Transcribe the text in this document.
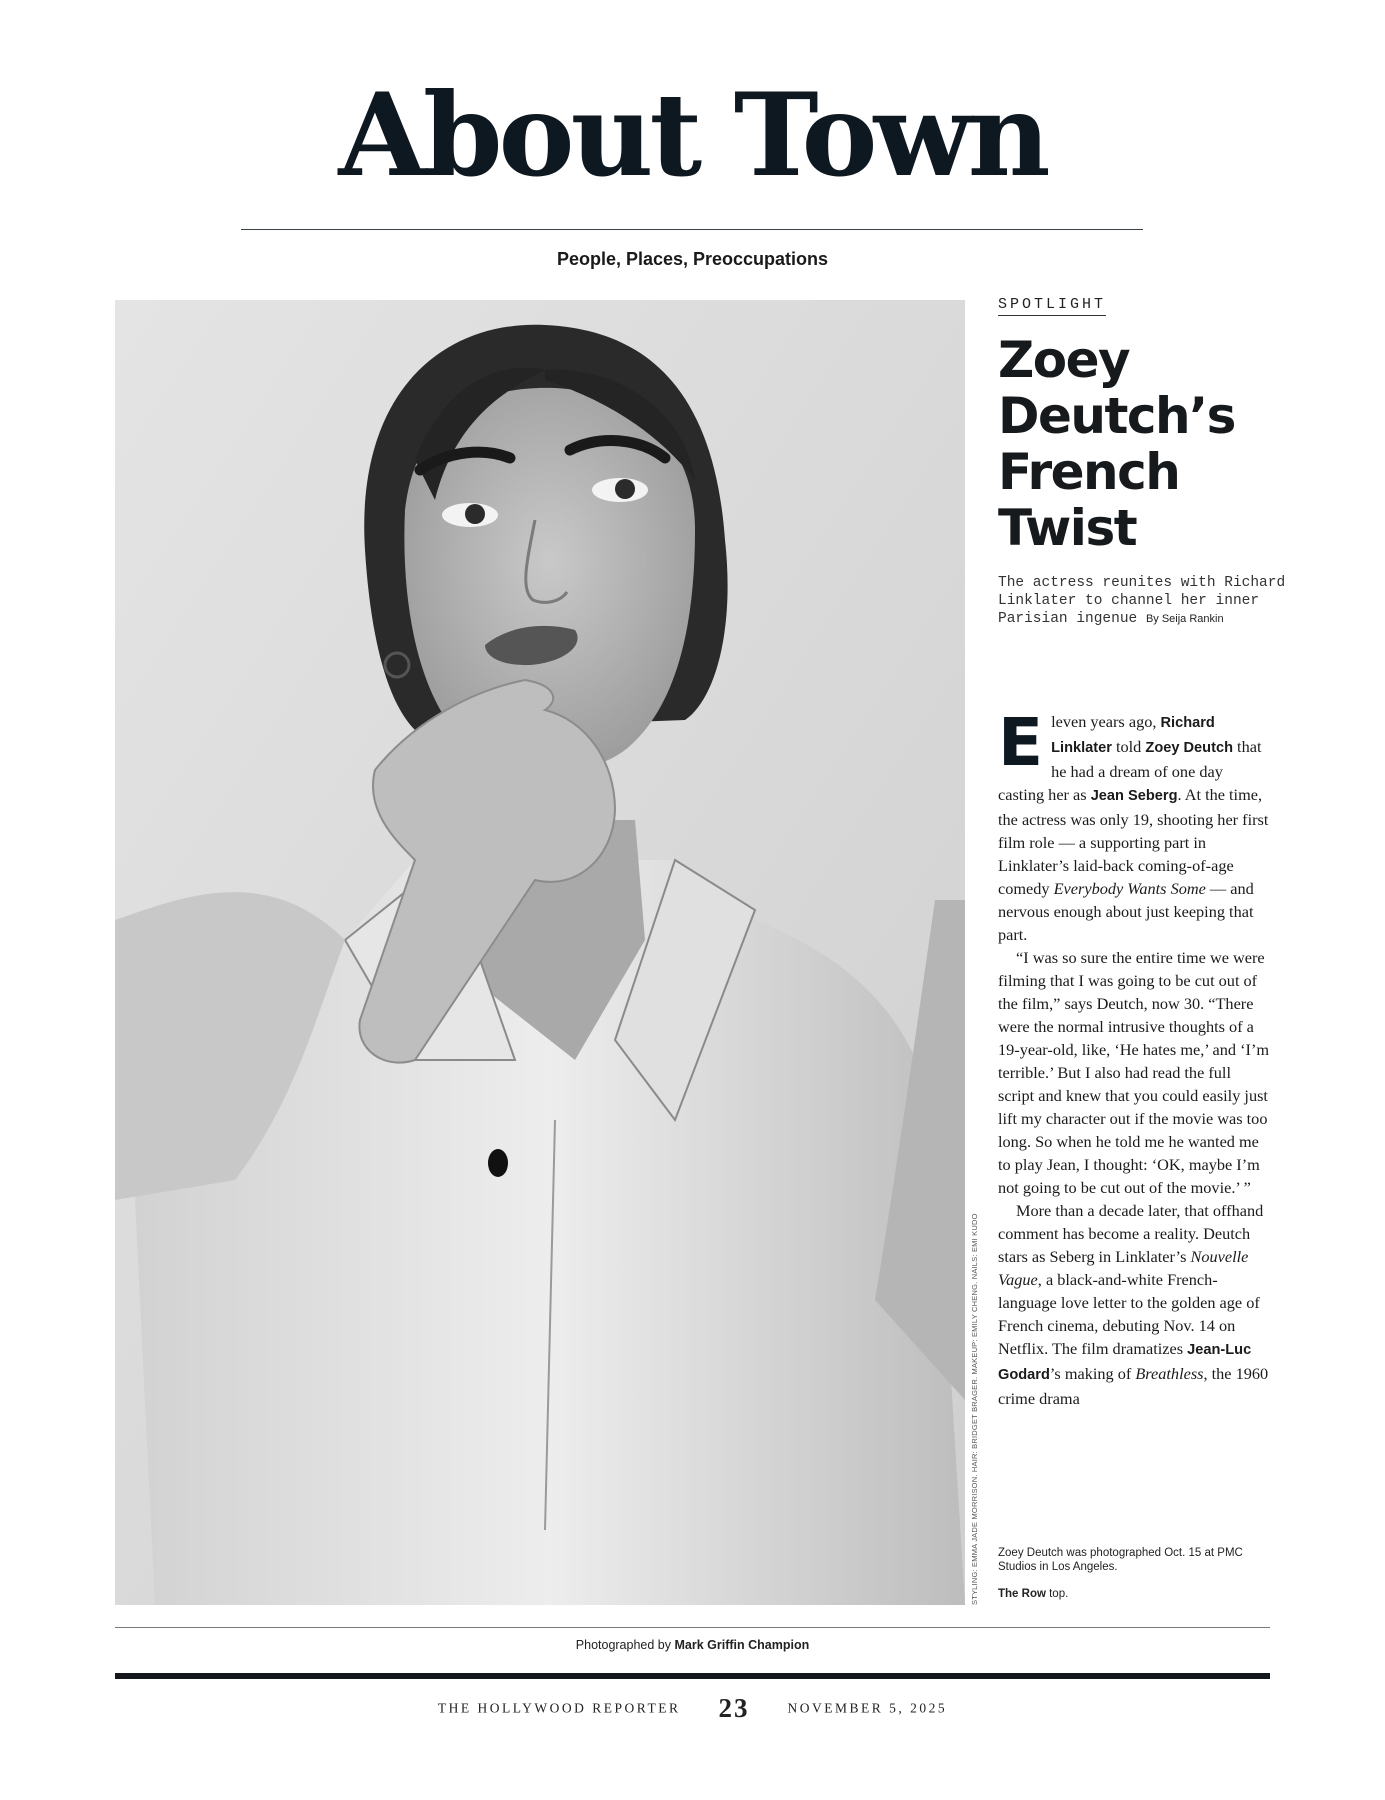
About Town
People, Places, Preoccupations
STYLING: EMMA JADE MORRISON. HAIR: BRIDGET BRAGER. MAKEUP: EMILY CHENG. NAILS: EMI KUDO
SPOTLIGHT
Zoey Deutch’s French Twist
The actress reunites with Richard Linklater to channel her inner Parisian ingenue By Seija Rankin

Eleven years ago, Richard Linklater told Zoey Deutch that he had a dream of one day casting her as Jean Seberg. At the time, the actress was only 19, shooting her first film role — a supporting part in Linklater’s laid-back coming-of-age comedy Everybody Wants Some — and nervous enough about just keeping that part.

“I was so sure the entire time we were filming that I was going to be cut out of the film,” says Deutch, now 30. “There were the normal intrusive thoughts of a 19-year-old, like, ‘He hates me,’ and ‘I’m terrible.’ But I also had read the full script and knew that you could easily just lift my character out if the movie was too long. So when he told me he wanted me to play Jean, I thought: ‘OK, maybe I’m not going to be cut out of the movie.’ ”

More than a decade later, that offhand comment has become a reality. Deutch stars as Seberg in Linklater’s Nouvelle Vague, a black-and-white French-language love letter to the golden age of French cinema, debuting Nov. 14 on Netflix. The film dramatizes Jean-Luc Godard’s making of Breathless, the 1960 crime drama

Zoey Deutch was photographed Oct. 15 at PMC Studios in Los Angeles.
The Row top.
Photographed by Mark Griffin Champion
THE HOLLYWOOD REPORTER 23	NOVEMBER 5, 2025
